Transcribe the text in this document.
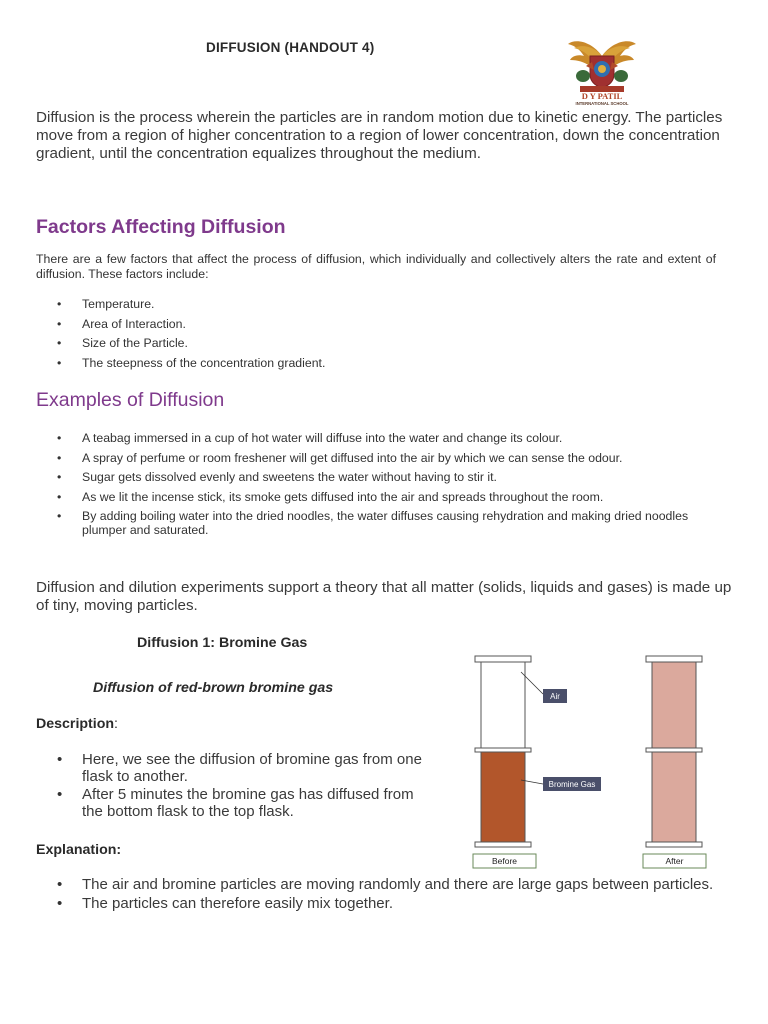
DIFFUSION (HANDOUT 4)
D Y PATIL
INTERNATIONAL SCHOOL
Diffusion is the process wherein the particles are in random motion due to kinetic energy. The particles move from a region of higher concentration to a region of lower concentration, down the concentration gradient, until the concentration equalizes throughout the medium.
Factors Affecting Diffusion
There are a few factors that affect the process of diffusion, which individually and collectively alters the rate and extent of diffusion. These factors include:
• Temperature.
• Area of Interaction.
• Size of the Particle.
• The steepness of the concentration gradient.
Examples of Diffusion
• A teabag immersed in a cup of hot water will diffuse into the water and change its colour.
• A spray of perfume or room freshener will get diffused into the air by which we can sense the odour.
• Sugar gets dissolved evenly and sweetens the water without having to stir it.
• As we lit the incense stick, its smoke gets diffused into the air and spreads throughout the room.
• By adding boiling water into the dried noodles, the water diffuses causing rehydration and making dried noodles plumper and saturated.
Diffusion and dilution experiments support a theory that all matter (solids, liquids and gases) is made up of tiny, moving particles.
Diffusion 1: Bromine Gas
Diffusion of red-brown bromine gas
Description:
• Here, we see the diffusion of bromine gas from one flask to another.
• After 5 minutes the bromine gas has diffused from the bottom flask to the top flask.
Explanation:
• The air and bromine particles are moving randomly and there are large gaps between particles.
• The particles can therefore easily mix together.
Air
Bromine Gas
Before	After
